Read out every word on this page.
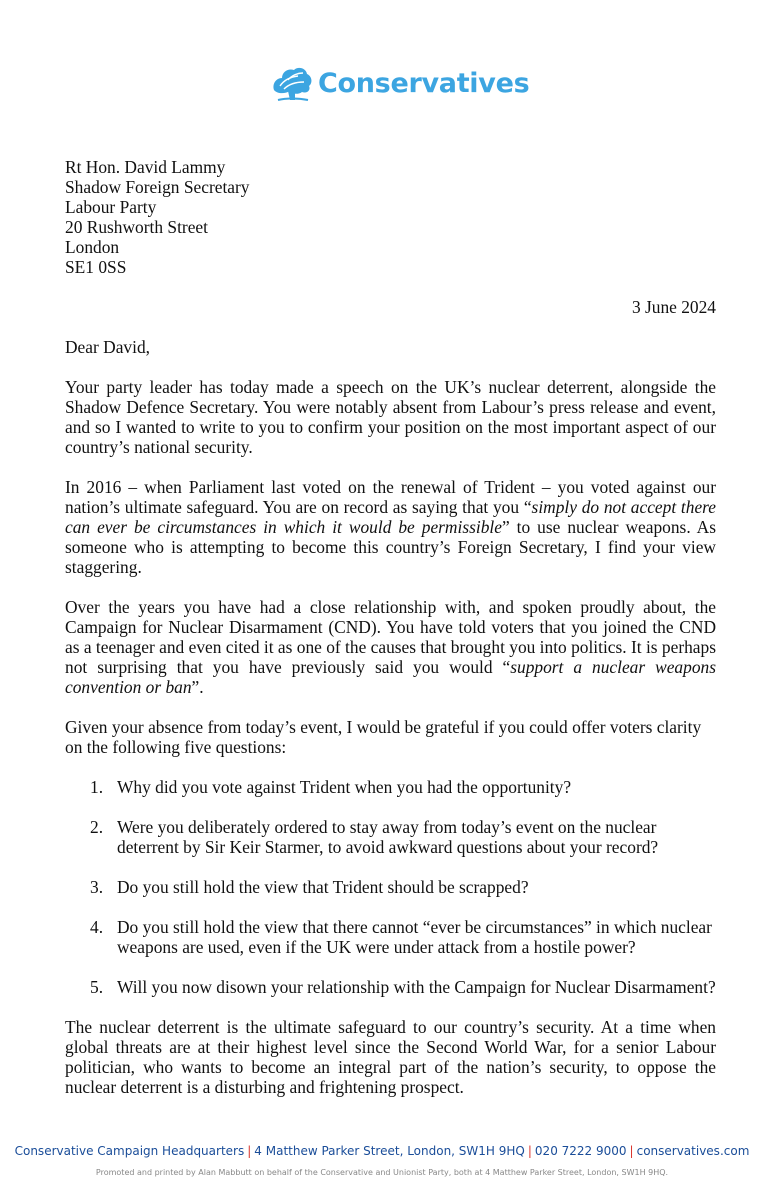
Conservatives
Rt Hon. David Lammy
Shadow Foreign Secretary
Labour Party
20 Rushworth Street
London
SE1 0SS
3 June 2024
Dear David,

Your party leader has today made a speech on the UK’s nuclear deterrent, alongside the Shadow Defence Secretary. You were notably absent from Labour’s press release and event, and so I wanted to write to you to confirm your position on the most important aspect of our country’s national security.

In 2016 – when Parliament last voted on the renewal of Trident – you voted against our nation’s ultimate safeguard. You are on record as saying that you “simply do not accept there can ever be circumstances in which it would be permissible” to use nuclear weapons. As someone who is attempting to become this country’s Foreign Secretary, I find your view staggering.

Over the years you have had a close relationship with, and spoken proudly about, the Campaign for Nuclear Disarmament (CND). You have told voters that you joined the CND as a teenager and even cited it as one of the causes that brought you into politics. It is perhaps not surprising that you have previously said you would “support a nuclear weapons convention or ban”.

Given your absence from today’s event, I would be grateful if you could offer voters clarity on the following five questions:

1. Why did you vote against Trident when you had the opportunity?
2. Were you deliberately ordered to stay away from today’s event on the nuclear deterrent by Sir Keir Starmer, to avoid awkward questions about your record?
3. Do you still hold the view that Trident should be scrapped?
4. Do you still hold the view that there cannot “ever be circumstances” in which nuclear weapons are used, even if the UK were under attack from a hostile power?
5. Will you now disown your relationship with the Campaign for Nuclear Disarmament?

The nuclear deterrent is the ultimate safeguard to our country’s security. At a time when global threats are at their highest level since the Second World War, for a senior Labour politician, who wants to become an integral part of the nation’s security, to oppose the nuclear deterrent is a disturbing and frightening prospect.

Conservative Campaign Headquarters | 4 Matthew Parker Street, London, SW1H 9HQ | 020 7222 9000 | conservatives.com
Promoted and printed by Alan Mabbutt on behalf of the Conservative and Unionist Party, both at 4 Matthew Parker Street, London, SW1H 9HQ.
